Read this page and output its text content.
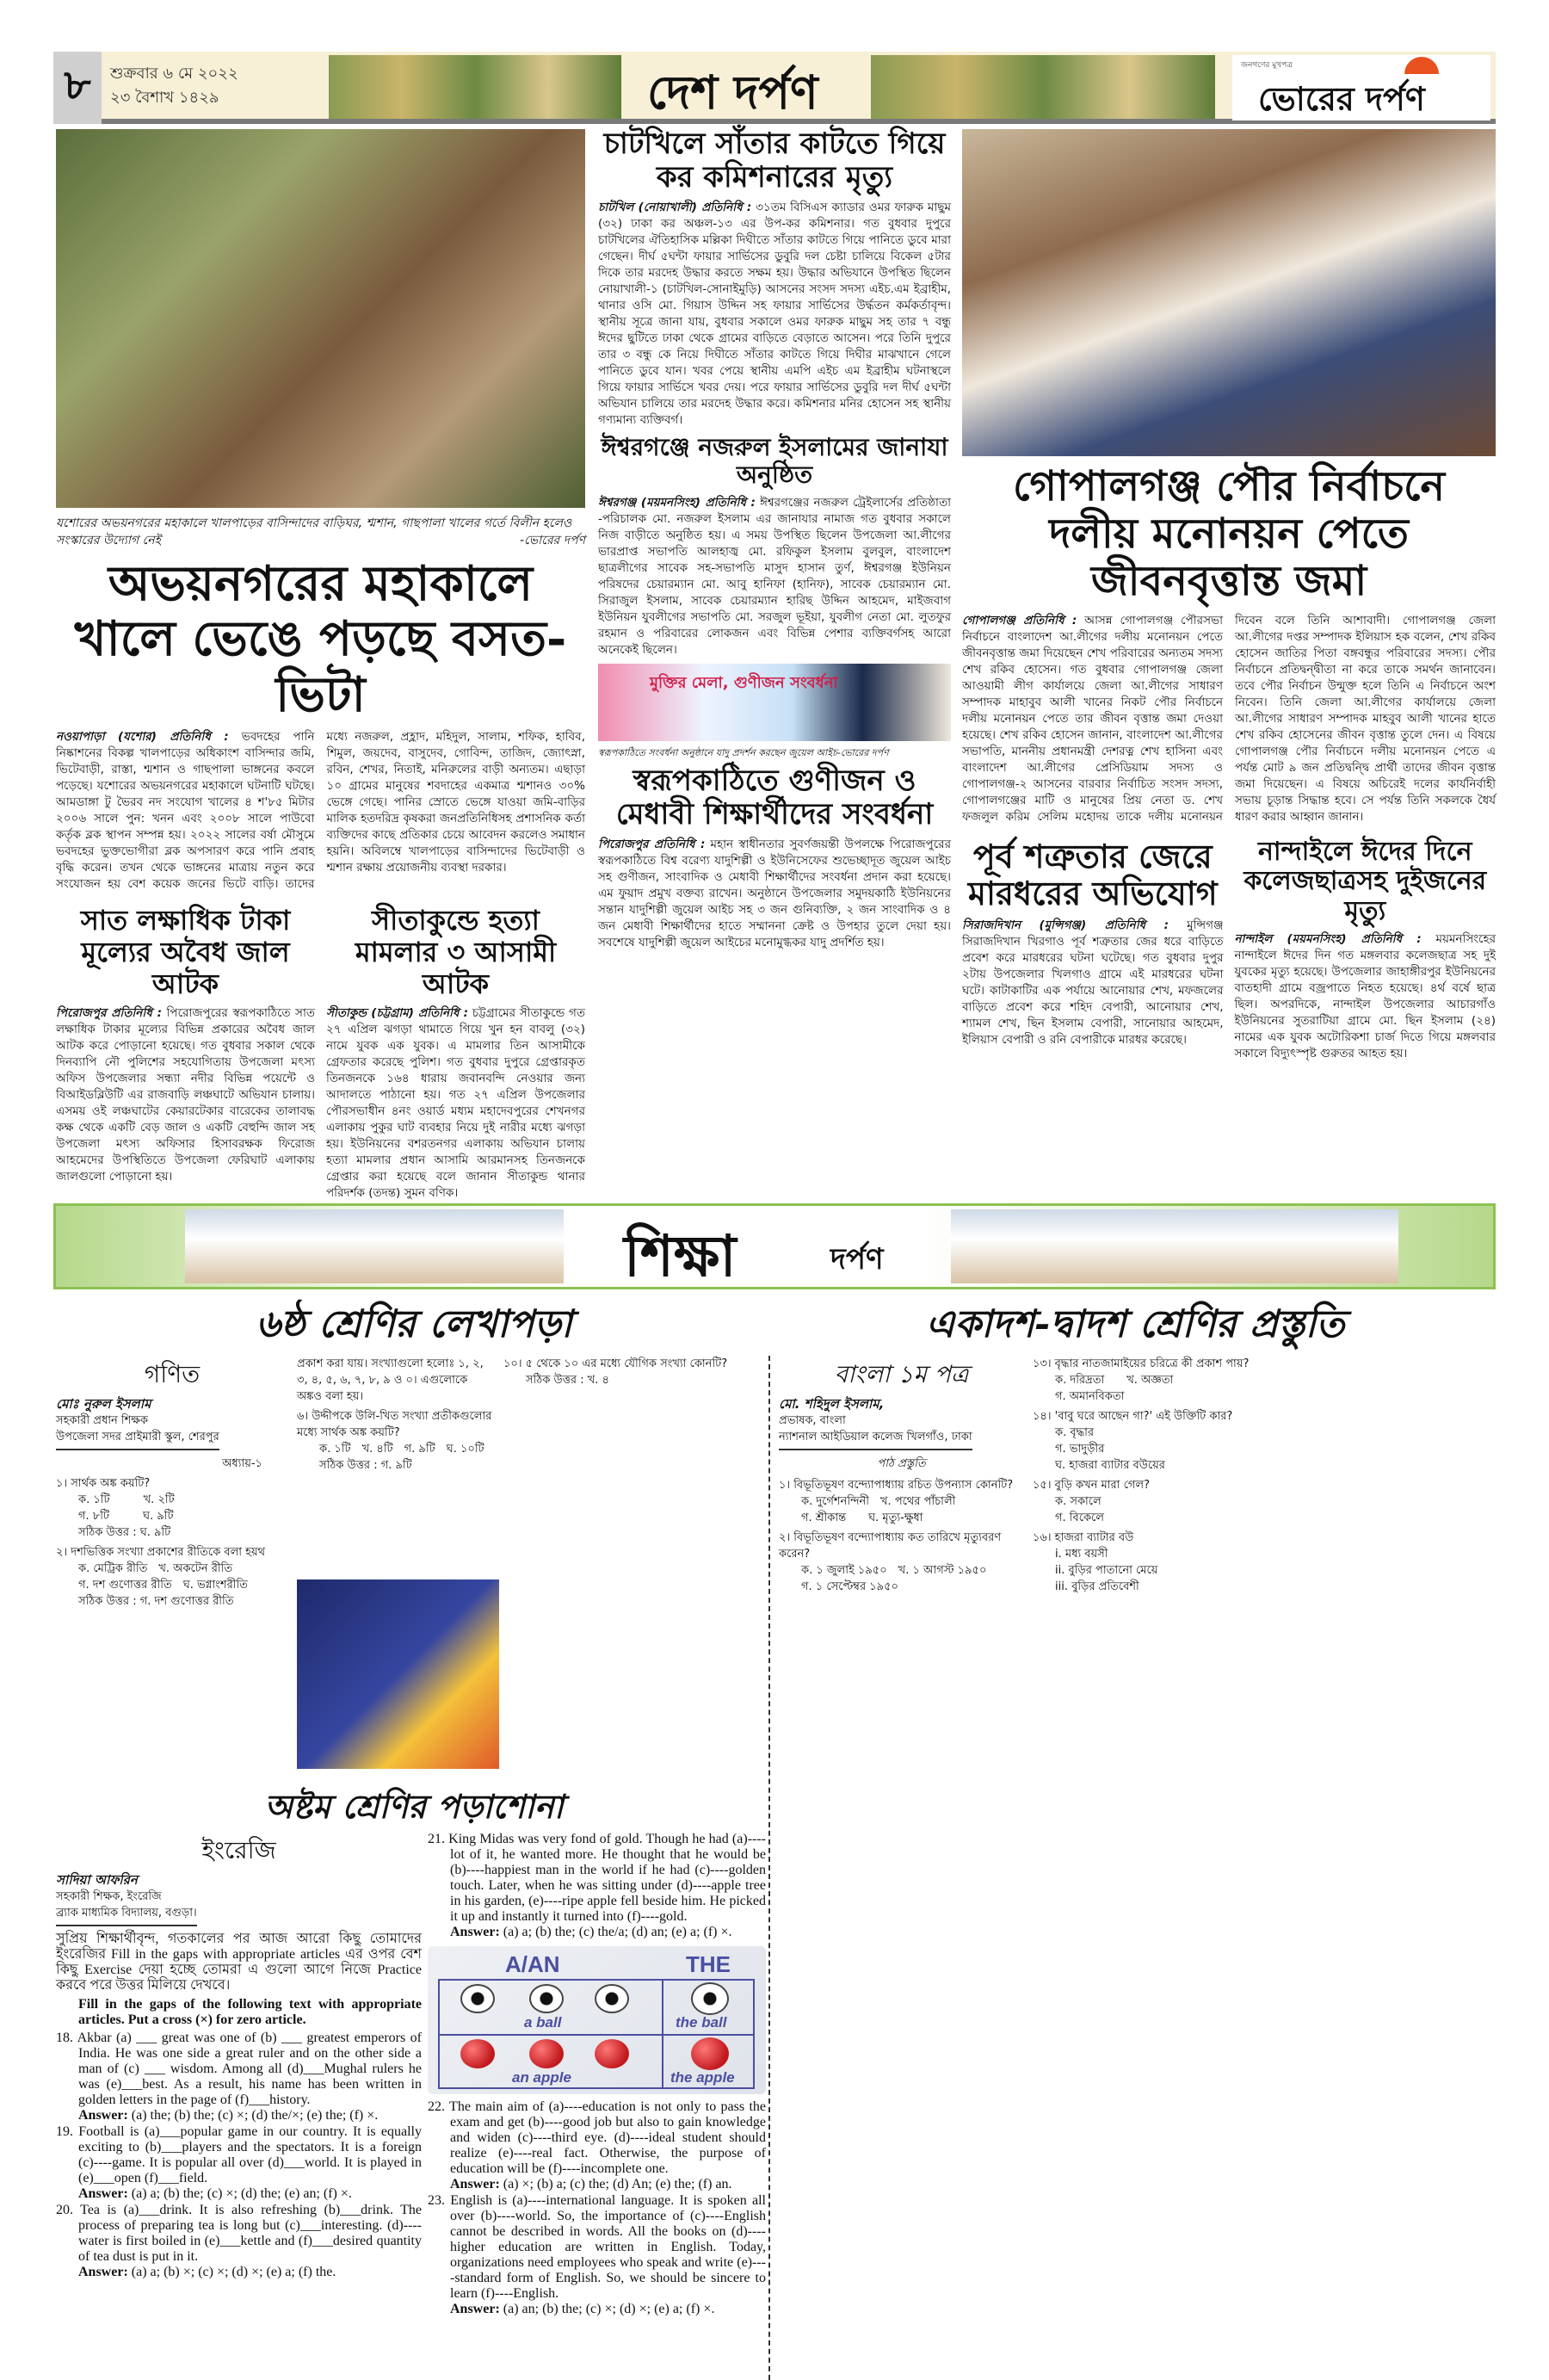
৮	শুক্রবার ৬ মে ২০২২
২৩ বৈশাখ ১৪২৯	দেশ দর্পণ	জনগণের মুখপত্র
ভোরের দর্পণ
যশোরের অভয়নগরের মহাকালে খালপাড়ের বাসিন্দাদের বাড়িঘর, শ্মশান, গাছপালা খালের গর্তে বিলীন হলেও সংস্কারের উদ্যোগ নেই	-ভোরের দর্পণ
অভয়নগরের মহাকালে খালে ভেঙে পড়ছে বসত-ভিটা
নওয়াপাড়া (যশোর) প্রতিনিধি : ভবদহের পানি নিষ্কাশনের বিকল্প খালপাড়ের অধিকাংশ বাসিন্দার জমি, ভিটেবাড়ী, রাস্তা, শ্মশান ও গাছপালা ভাঙ্গনের কবলে পড়েছে। যশোরের অভয়নগরের মহাকালে ঘটনাটি ঘটছে। আমডাঙ্গা টু ভৈরব নদ সংযোগ খালের ৪ শ'৮৫ মিটার ২০০৬ সালে পুন: খনন এবং ২০০৮ সালে পাউবো কর্তৃক ব্লক স্থাপন সম্পন্ন হয়। ২০২২ সালের বর্ষা মৌসুমে ভবদহের ভুক্তভোগীরা ব্লক অপসারণ করে পানি প্রবাহ বৃদ্ধি করেন। তখন থেকে ভাঙ্গনের মাত্রায় নতুন করে সংযোজন হয় বেশ কয়েক জনের ভিটে বাড়ি। তাদের মধ্যে নজরুল, প্রহ্লাদ, মহিদুল, সালাম, শফিক, হাবিব, শিমুল, জয়দেব, বাসুদেব, গোবিন্দ, তাজিদ, জ্যোৎস্না, রবিন, শেখর, নিতাই, মনিরুলের বাড়ী অন্যতম। এছাড়া ১০ গ্রামের মানুষের শবদাহের একমাত্র শ্মশানও ৩০% ভেঙ্গে গেছে। পানির স্রোতে ভেঙ্গে যাওয়া জমি-বাড়ির মালিক হতদরিদ্র কৃষকরা জনপ্রতিনিধিসহ প্রশাসনিক কর্তা ব্যক্তিদের কাছে প্রতিকার চেয়ে আবেদন করলেও সমাধান হয়নি। অবিলম্বে খালপাড়ের বাসিন্দাদের ভিটেবাড়ী ও শ্মশান রক্ষায় প্রয়োজনীয় ব্যবস্থা দরকার।
সাত লক্ষাধিক টাকা মূল্যের অবৈধ জাল আটক
পিরোজপুর প্রতিনিধি : পিরোজপুরের স্বরূপকাঠিতে সাত লক্ষাধিক টাকার মূল্যের বিভিন্ন প্রকারের অবৈধ জাল আটক করে পোড়ানো হয়েছে। গত বুধবার সকাল থেকে দিনব্যাপি নৌ পুলিশের সহযোগিতায় উপজেলা মৎস্য অফিস উপজেলার সন্ধ্যা নদীর বিভিন্ন পয়েন্টে ও বিআইডব্লিউটি এর রাজবাড়ি লঞ্চঘাটে অভিযান চালায়। এসময় ওই লঞ্চঘাটের কেয়ারটেকার বারেকের তালাবদ্ধ কক্ষ থেকে একটি বেড় জাল ও একটি বেহুন্দি জাল সহ উপজেলা মৎস্য অফিসার হিসাবরক্ষক ফিরোজ আহমেদের উপস্থিতিতে উপজেলা ফেরিঘাট এলাকায় জালগুলো পোড়ানো হয়।
সীতাকুন্ডে হত্যা মামলার ৩ আসামী আটক
সীতাকুন্ড (চট্টগ্রাম) প্রতিনিধি : চট্টগ্রামের সীতাকুন্ডে গত ২৭ এপ্রিল ঝগড়া থামাতে গিয়ে খুন হন বাবলু (৩২) নামে যুবক এক যুবক। এ মামলার তিন আসামীকে গ্রেফতার করেছে পুলিশ। গত বুধবার দুপুরে গ্রেপ্তারকৃত তিনজনকে ১৬৪ ধারায় জবানবন্দি নেওয়ার জন্য আদালতে পাঠানো হয়। গত ২৭ এপ্রিল উপজেলার পৌরসভাধীন ৪নং ওয়ার্ড মধ্যম মহাদেবপুরের শেখনগর এলাকায় পুকুর ঘাট ব্যবহার নিয়ে দুই নারীর মধ্যে ঝগড়া হয়। ইউনিয়নের বশরতনগর এলাকায় অভিযান চালায় হত্যা মামলার প্রধান আসামি আরমানসহ তিনজনকে গ্রেপ্তার করা হয়েছে বলে জানান সীতাকুন্ড থানার পরিদর্শক (তদন্ত) সুমন বণিক।
চাটখিলে সাঁতার কাটতে গিয়ে কর কমিশনারের মৃত্যু
চাটখিল (নোয়াখালী) প্রতিনিধি : ৩১তম বিসিএস ক্যাডার ওমর ফারুক মাছুম (৩২) ঢাকা কর অঞ্চল-১৩ এর উপ-কর কমিশনার। গত বুধবার দুপুরে চাটখিলের ঐতিহাসিক মল্লিকা দিঘীতে সাঁতার কাটতে গিয়ে পানিতে ডুবে মারা গেছেন। দীর্ঘ ৫ঘন্টা ফায়ার সার্ভিসের ডুবুরি দল চেষ্টা চালিয়ে বিকেল ৫টার দিকে তার মরদেহ উদ্ধার করতে সক্ষম হয়। উদ্ধার অভিযানে উপস্থিত ছিলেন নোয়াখালী-১ (চাটখিল-সোনাইমুড়ি) আসনের সংসদ সদস্য এইচ.এম ইব্রাহীম, থানার ওসি মো. গিয়াস উদ্দিন সহ ফায়ার সার্ভিসের উর্দ্ধতন কর্মকর্তাবৃন্দ। স্থানীয় সূত্রে জানা যায়, বুধবার সকালে ওমর ফারুক মাছুম সহ তার ৭ বন্ধু ঈদের ছুটিতে ঢাকা থেকে গ্রামের বাড়িতে বেড়াতে আসেন। পরে তিনি দুপুরে তার ৩ বন্ধু কে নিয়ে দিঘীতে সাঁতার কাটতে গিয়ে দিঘীর মাঝখানে গেলে পানিতে ডুবে যান। খবর পেয়ে স্থানীয় এমপি এইচ এম ইব্রাহীম ঘটনাস্থলে গিয়ে ফায়ার সার্ভিসে খবর দেয়। পরে ফায়ার সার্ভিসের ডুবুরি দল দীর্ঘ ৫ঘন্টা অভিযান চালিয়ে তার মরদেহ উদ্ধার করে। কমিশনার মনির হোসেন সহ স্থানীয় গণ্যমান্য ব্যক্তিবর্গ।
ঈশ্বরগঞ্জে নজরুল ইসলামের জানাযা অনুষ্ঠিত
ঈশ্বরগঞ্জ (ময়মনসিংহ) প্রতিনিধি : ঈশ্বরগঞ্জের নজরুল ট্রেইলার্সের প্রতিষ্ঠাতা -পরিচালক মো. নজরুল ইসলাম এর জানাযার নামাজ গত বুধবার সকালে নিজ বাড়ীতে অনুষ্ঠিত হয়। এ সময় উপস্থিত ছিলেন উপজেলা আ.লীগের ভারপ্রাপ্ত সভাপতি আলহাজ্ব মো. রফিকুল ইসলাম বুলবুল, বাংলাদেশ ছাত্রলীগের সাবেক সহ-সভাপতি মাসুদ হাসান তুর্ণ, ঈশ্বরগঞ্জ ইউনিয়ন পরিষদের চেয়ারম্যান মো. আবু হানিফা (হানিফ), সাবেক চেয়ারম্যান মো. সিরাজুল ইসলাম, সাবেক চেয়ারম্যান হারিছ উদ্দিন আহমেদ, মাইজবাগ ইউনিয়ন যুবলীগের সভাপতি মো. সরজুল ভূইয়া, যুবলীগ নেতা মো. লুতফুর রহমান ও পরিবারের লোকজন এবং বিভিন্ন পেশার ব্যক্তিবর্গসহ আরো অনেকেই ছিলেন।
মুক্তির মেলা, গুণীজন সংবর্ধনা
স্বরূপকাঠিতে সংবর্ধনা অনুষ্ঠানে যাদু প্রদর্শন করছেন জুয়েল আইচ-ভোরের দর্পণ
স্বরূপকাঠিতে গুণীজন ও মেধাবী শিক্ষার্থীদের সংবর্ধনা
পিরোজপুর প্রতিনিধি : মহান স্বাধীনতার সুবর্ণজয়ন্তী উপলক্ষে পিরোজপুরের স্বরূপকাঠিতে বিশ্ব বরেণ্য যাদুশিল্পী ও ইউনিসেফের শুভেচ্ছাদূত জুয়েল আইচ সহ গুণীজন, সাংবাদিক ও মেধাবী শিক্ষার্থীদের সংবর্ধনা প্রদান করা হয়েছে। এম ফুয়াদ প্রমুখ বক্তব্য রাখেন। অনুষ্ঠানে উপজেলার সমুদয়কাঠি ইউনিয়নের সন্তান যাদুশিল্পী জুয়েল আইচ সহ ৩ জন গুনিব্যক্তি, ২ জন সাংবাদিক ও ৪ জন মেধাবী শিক্ষার্থীদের হাতে সম্মাননা ক্রেষ্ট ও উপহার তুলে দেয়া হয়। সবশেষে যাদুশিল্পী জুয়েল আইচের মনোমুগ্ধকর যাদু প্রদর্শিত হয়।
গোপালগঞ্জ পৌর নির্বাচনে দলীয় মনোনয়ন পেতে জীবনবৃত্তান্ত জমা
গোপালগঞ্জ প্রতিনিধি : আসন্ন গোপালগঞ্জ পৌরসভা নির্বাচনে বাংলাদেশ আ.লীগের দলীয় মনোনয়ন পেতে জীবনবৃত্তান্ত জমা দিয়েছেন শেখ পরিবারের অন্যতম সদস্য শেখ রকিব হোসেন। গত বুধবার গোপালগঞ্জ জেলা আওয়ামী লীগ কার্যালয়ে জেলা আ.লীগের সাধারণ সম্পাদক মাহাবুব আলী খানের নিকট পৌর নির্বাচনে দলীয় মনোনয়ন পেতে তার জীবন বৃত্তান্ত জমা দেওয়া হয়েছে। শেখ রকিব হোসেন জানান, বাংলাদেশ আ.লীগের সভাপতি, মাননীয় প্রধানমন্ত্রী দেশরত্ন শেখ হাসিনা এবং বাংলাদেশ আ.লীগের প্রেসিডিয়াম সদস্য ও গোপালগঞ্জ-২ আসনের বারবার নির্বাচিত সংসদ সদস্য, গোপালগঞ্জের মাটি ও মানুষের প্রিয় নেতা ড. শেখ ফজলুল করিম সেলিম মহোদয় তাকে দলীয় মনোনয়ন দিবেন বলে তিনি আশাবাদী। গোপালগঞ্জ জেলা আ.লীগের দপ্তর সম্পাদক ইলিয়াস হক বলেন, শেখ রকিব হোসেন জাতির পিতা বঙ্গবন্ধুর পরিবারের সদস্য। পৌর নির্বাচনে প্রতিদ্বন্দ্বীতা না করে তাকে সমর্থন জানাবেন। তবে পৌর নির্বাচন উন্মুক্ত হলে তিনি এ নির্বাচনে অংশ নিবেন। তিনি জেলা আ.লীগের কার্যালয়ে জেলা আ.লীগের সাধারণ সম্পাদক মাহবুব আলী খানের হাতে শেখ রকিব হোসেনের জীবন বৃত্তান্ত তুলে দেন। এ বিষয়ে গোপালগঞ্জ পৌর নির্বাচনে দলীয় মনোনয়ন পেতে এ পর্যন্ত মোট ৯ জন প্রতিদ্বন্দ্বি প্রার্থী তাদের জীবন বৃত্তান্ত জমা দিয়েছেন। এ বিষয়ে অচিরেই দলের কার্যনির্বাহী সভায় চূড়ান্ত সিদ্ধান্ত হবে। সে পর্যন্ত তিনি সকলকে ধৈর্য ধারণ করার আহ্বান জানান।
পূর্ব শত্রুতার জেরে মারধরের অভিযোগ
সিরাজদিখান (মুন্সিগঞ্জ) প্রতিনিধি : মুন্সিগঞ্জ সিরাজদিখান খিরগাও পূর্ব শত্রুতার জের ধরে বাড়িতে প্রবেশ করে মারধরের ঘটনা ঘটেছে। গত বুধবার দুপুর ২টায় উপজেলার খিলগাও গ্রামে এই মারধরের ঘটনা ঘটে। কাটাকাটির এক পর্যায়ে আনোয়ার শেখ, মফজলের বাড়িতে প্রবেশ করে শহিদ বেপারী, আনোয়ার শেখ, শ্যামল শেখ, ছিন ইসলাম বেপারী, সানোয়ার আহমেদ, ইলিয়াস বেপারী ও রনি বেপারীকে মারধর করেছে।
নান্দাইলে ঈদের দিনে কলেজছাত্রসহ দুইজনের মৃত্যু
নান্দাইল (ময়মনসিংহ) প্রতিনিধি : ময়মনসিংহের নান্দাইলে ঈদের দিন গত মঙ্গলবার কলেজছাত্র সহ দুই যুবকের মৃত্যু হয়েছে। উপজেলার জাহাঙ্গীরপুর ইউনিয়নের বাতহাদী গ্রামে বজ্রপাতে নিহত হয়েছে। ৪র্থ বর্ষে ছাত্র ছিল। অপরদিকে, নান্দাইল উপজেলার আচারগাঁও ইউনিয়নের সুতরাটিয়া গ্রামে মো. ছিন ইসলাম (২৪) নামের এক যুবক অটোরিকশা চার্জ দিতে গিয়ে মঙ্গলবার সকালে বিদ্যুৎস্পৃষ্ট গুরুতর আহত হয়।
শিক্ষা	দর্পণ
৬ষ্ঠ শ্রেণির লেখাপড়া	একাদশ-দ্বাদশ শ্রেণির প্রস্তুতি
গণিত
মোঃ নুরুল ইসলাম
সহকারী প্রধান শিক্ষক
উপজেলা সদর প্রাইমারী স্কুল, শেরপুর
অধ্যায়-১
১। সার্থক অঙ্ক কয়টি?
ক. ১টি　　　খ. ২টি
গ. ৮টি　　　ঘ. ৯টি
সঠিক উত্তর : ঘ. ৯টি
২। দশভিত্তিক সংখ্যা প্রকাশের রীতিকে বলা হয়থ
ক. মেট্রিক রীতি　খ. অকটেন রীতি
গ. দশ গুণোত্তর রীতি　ঘ. ভগ্নাংশরীতি
সঠিক উত্তর : গ. দশ গুণোত্তর রীতি
প্রকাশ করা যায়। সংখ্যাগুলো হলোঃ ১, ২, ৩, ৪, ৫, ৬, ৭, ৮, ৯ ও ০। এগুলোকে অঙ্কও বলা হয়।
৬। উদ্দীপকে উলি-খিত সংখ্যা প্রতীকগুলোর মধ্যে সার্থক অঙ্ক কয়টি?
ক. ১টি　খ. ৪টি　গ. ৯টি　ঘ. ১০টি
সঠিক উত্তর : গ. ৯টি
১০। ৫ থেকে ১০ এর মধ্যে যৌগিক সংখ্যা কোনটি?
সঠিক উত্তর : খ. ৪	বাংলা ১ম পত্র
মো. শহিদুল ইসলাম,
প্রভাষক, বাংলা
ন্যাশনাল আইডিয়াল কলেজ খিলগাঁও, ঢাকা
পাঠ প্রস্তুতি
১। বিভূতিভূষণ বন্দ্যোপাধ্যায় রচিত উপন্যাস কোনটি?
ক. দুর্গেশনন্দিনী　খ. পথের পাঁচালী
গ. শ্রীকান্ত　　ঘ. মৃত্যু-ক্ষুধা
২। বিভূতিভূষণ বন্দ্যোপাধ্যায় কত তারিখে মৃত্যুবরণ করেন?
ক. ১ জুলাই ১৯৫০　খ. ১ আগস্ট ১৯৫০
গ. ১ সেপ্টেম্বর ১৯৫০
১৩। বৃদ্ধার নাতজামাইয়ের চরিত্রে কী প্রকাশ পায়?
ক. দরিদ্রতা　　খ. অজ্ঞতা
গ. অমানবিকতা
১৪। 'বাবু ঘরে আছেন গা?' এই উক্তিটি কার?
ক. বৃদ্ধার
গ. ভাদুড়ীর
ঘ. হাজরা ব্যাটার বউয়ের
১৫। বুড়ি কখন মারা গেল?
ক. সকালে
গ. বিকেলে
১৬। হাজরা ব্যাটার বউ
i. মধ্য বয়সী
ii. বুড়ির পাতানো মেয়ে
iii. বুড়ির প্রতিবেশী
অষ্টম শ্রেণির পড়াশোনা
ইংরেজি
সাদিয়া আফরিন
সহকারী শিক্ষক, ইংরেজি
ব্র্যাক মাধ্যমিক বিদ্যালয়, বগুড়া।
সুপ্রিয় শিক্ষার্থীবৃন্দ, গতকালের পর আজ আরো কিছু তোমাদের ইংরেজির Fill in the gaps with appropriate articles এর ওপর বেশ কিছু Exercise দেয়া হচ্ছে তোমরা এ গুলো আগে নিজে Practice করবে পরে উত্তর মিলিয়ে দেখবে।
Fill in the gaps of the following text with appropriate articles. Put a cross (×) for zero article.
18. Akbar (a) ___ great was one of (b) ___ greatest emperors of India. He was one side a great ruler and on the other side a man of (c) ___ wisdom. Among all (d)___Mughal rulers he was (e)___best. As a result, his name has been written in golden letters in the page of (f)___history.
Answer: (a) the; (b) the; (c) ×; (d) the/×; (e) the; (f) ×.
19. Football is (a)___popular game in our country. It is equally exciting to (b)___players and the spectators. It is a foreign (c)----game. It is popular all over (d)___world. It is played in (e)___open (f)___field.
Answer: (a) a; (b) the; (c) ×; (d) the; (e) an; (f) ×.
20. Tea is (a)___drink. It is also refreshing (b)___drink. The process of preparing tea is long but (c)___interesting. (d)----water is first boiled in (e)___kettle and (f)___desired quantity of tea dust is put in it.
Answer: (a) a; (b) ×; (c) ×; (d) ×; (e) a; (f) the.
21. King Midas was very fond of gold. Though he had (a)----lot of it, he wanted more. He thought that he would be (b)----happiest man in the world if he had (c)----golden touch. Later, when he was sitting under (d)----apple tree in his garden, (e)----ripe apple fell beside him. He picked it up and instantly it turned into (f)----gold.
Answer: (a) a; (b) the; (c) the/a; (d) an; (e) a; (f) ×.
A/AN	THE
a ball	the ball
an apple	the apple
22. The main aim of (a)----education is not only to pass the exam and get (b)----good job but also to gain knowledge and widen (c)----third eye. (d)----ideal student should realize (e)----real fact. Otherwise, the purpose of education will be (f)----incomplete one.
Answer: (a) ×; (b) a; (c) the; (d) An; (e) the; (f) an.
23. English is (a)----international language. It is spoken all over (b)----world. So, the importance of (c)----English cannot be described in words. All the books on (d)----higher education are written in English. Today, organizations need employees who speak and write (e)----standard form of English. So, we should be sincere to learn (f)----English.
Answer: (a) an; (b) the; (c) ×; (d) ×; (e) a; (f) ×.
